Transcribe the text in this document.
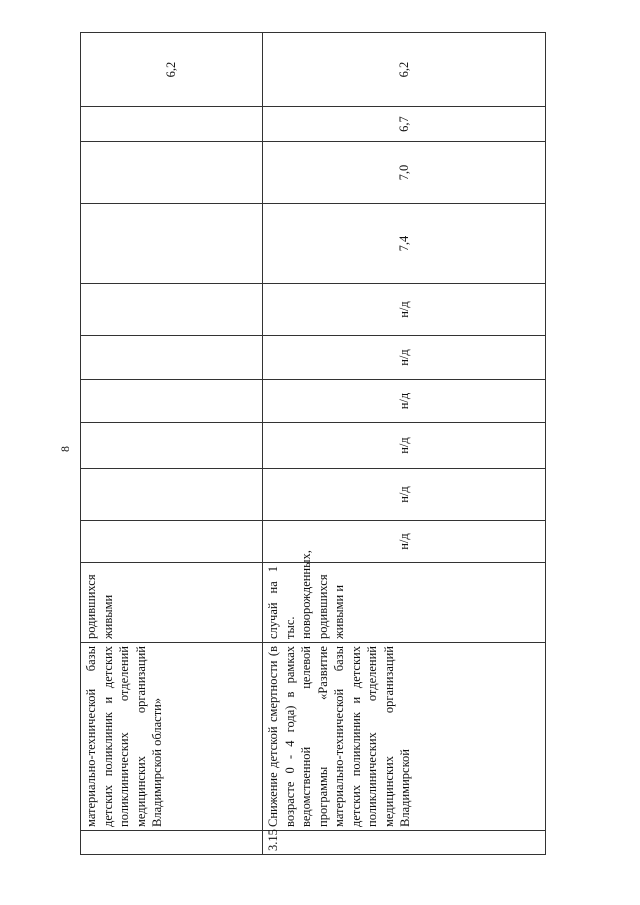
8
	материально-технической базы детских поликлиник и детских поликлинических отделений медицинских организаций Владимирской области»	родившихся живыми										6,2
3.15	Снижение детской смертности (в возрасте 0 - 4 года) в рамках ведомственной целевой программы «Развитие материально-технической базы детских поликлиник и детских поликлинических отделений медицинских организаций Владимирской	случай на 1 тыс. новорожденных, родившихся живыми и	н/д	н/д	н/д	н/д	н/д	н/д	7,4	7,0	6,7	6,2
